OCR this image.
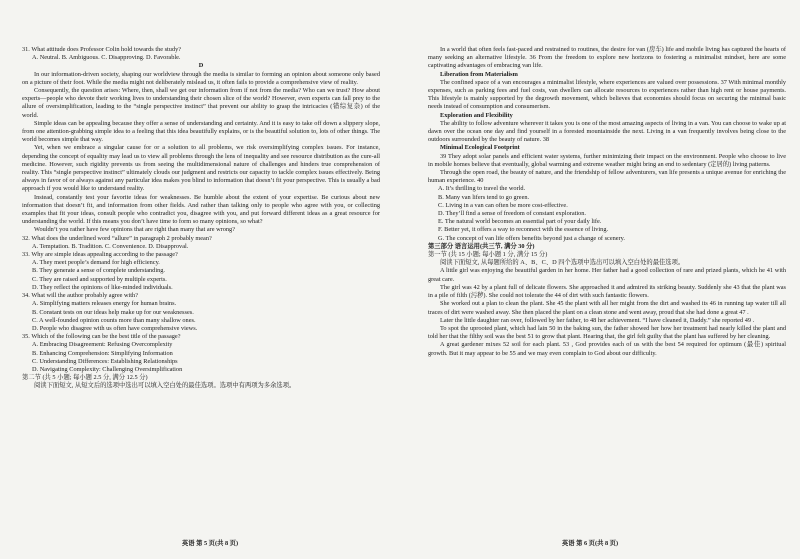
31. What attitude does Professor Colin hold towards the study?

A. Neutral. B. Ambiguous. C. Disapproving. D. Favorable.

D

In our information-driven society, shaping our worldview through the media is similar to forming an opinion about someone only based on a picture of their foot. While the media might not deliberately mislead us, it often fails to provide a comprehensive view of reality.

Consequently, the question arises: Where, then, shall we get our information from if not from the media? Who can we trust? How about experts—people who devote their working lives to understanding their chosen slice of the world? However, even experts can fall prey to the allure of oversimplification, leading to the “single perspective instinct” that prevent our ability to grasp the intricacies (错综复杂) of the world.

Simple ideas can be appealing because they offer a sense of understanding and certainty. And it is easy to take off down a slippery slope, from one attention-grabbing simple idea to a feeling that this idea beautifully explains, or is the beautiful solution to, lots of other things. The world becomes simple that way.

Yet, when we embrace a singular cause for or a solution to all problems, we risk oversimplifying complex issues. For instance, depending the concept of equality may lead us to view all problems through the lens of inequality and see resource distribution as the cure-all medicine. However, such rigidity prevents us from seeing the multidimensional nature of challenges and hinders true comprehension of reality. This “single perspective instinct” ultimately clouds our judgment and restricts our capacity to tackle complex issues effectively. Being always in favor of or always against any particular idea makes you blind to information that doesn’t fit your perspective. This is usually a bad approach if you would like to understand reality.

Instead, constantly test your favorite ideas for weaknesses. Be humble about the extent of your expertise. Be curious about new information that doesn’t fit, and information from other fields. And rather than talking only to people who agree with you, or collecting examples that fit your ideas, consult people who contradict you, disagree with you, and put forward different ideas as a great resource for understanding the world. If this means you don’t have time to form so many opinions, so what?

Wouldn’t you rather have few opinions that are right than many that are wrong?

32. What does the underlined word “allure” in paragraph 2 probably mean?

A. Temptation. B. Tradition. C. Convenience. D. Disapproval.

33. Why are simple ideas appealing according to the passage?

A. They meet people’s demand for high efficiency.

B. They generate a sense of complete understanding.

C. They are raised and supported by multiple experts.

D. They reflect the opinions of like-minded individuals.

34. What will the author probably agree with?

A. Simplifying matters releases energy for human brains.

B. Constant tests on our ideas help make up for our weaknesses.

C. A well-founded opinion counts more than many shallow ones.

D. People who disagree with us often have comprehensive views.

35. Which of the following can be the best title of the passage?

A. Embracing Disagreement: Refusing Overcomplexity

B. Enhancing Comprehension: Simplifying Information

C. Understanding Differences: Establishing Relationships

D. Navigating Complexity: Challenging Oversimplification

第二节 (共 5 小题; 每小题 2.5 分, 满分 12.5 分)

阅读下面短文, 从短文后的选项中选出可以填入空白处的最佳选项。选项中有两项为多余选项。

In a world that often feels fast-paced and restrained to routines, the desire for van (房车) life and mobile living has captured the hearts of many seeking an alternative lifestyle. 36 From the freedom to explore new horizons to fostering a minimalist mindset, here are some captivating advantages of embracing van life.

Liberation from Materialism

The confined space of a van encourages a minimalist lifestyle, where experiences are valued over possessions. 37 With minimal monthly expenses, such as parking fees and fuel costs, van dwellers can allocate resources to experiences rather than high rent or house payments. This lifestyle is mainly supported by the degrowth movement, which believes that economies should focus on securing the minimal basic needs instead of consumption and consumerism.

Exploration and Flexibility

The ability to follow adventure wherever it takes you is one of the most amazing aspects of living in a van. You can choose to wake up at dawn over the ocean one day and find yourself in a forested mountainside the next. Living in a van frequently involves being close to the outdoors surrounded by the beauty of nature. 38

Minimal Ecological Footprint

39 They adopt solar panels and efficient water systems, further minimizing their impact on the environment. People who choose to live in mobile homes believe that eventually, global warming and extreme weather might bring an end to sedentary (定居的) living patterns.

Through the open road, the beauty of nature, and the friendship of fellow adventurers, van life presents a unique avenue for enriching the human experience. 40

A. It’s thrilling to travel the world.

B. Many van lifers tend to go green.

C. Living in a van can often be more cost-effective.

D. They’ll find a sense of freedom of constant exploration.

E. The natural world becomes an essential part of your daily life.

F. Better yet, it offers a way to reconnect with the essence of living.

G. The concept of van life offers benefits beyond just a change of scenery.

第三部分 语言运用(共三节, 满分 30 分)

第一节 (共 15 小题; 每小题 1 分, 满分 15 分)

阅读下面短文, 从每题所给的 A、B、C、D 四个选项中选出可以填入空白处的最佳选项。

A little girl was enjoying the beautiful garden in her home. Her father had a good collection of rare and prized plants, which he 41 with great care.

The girl was 42 by a plant full of delicate flowers. She approached it and admired its striking beauty. Suddenly she 43 that the plant was in a pile of filth (污秽). She could not tolerate the 44 of dirt with such fantastic flowers.

She worked out a plan to clean the plant. She 45 the plant with all her might from the dirt and washed its 46 in running tap water till all traces of dirt were washed away. She then placed the plant on a clean stone and went away, proud that she had done a great 47 .

Later the little daughter ran over, followed by her father, to 48 her achievement. “I have cleaned it, Daddy.” she reported 49 .

To spot the uprooted plant, which had lain 50 in the baking sun, the father showed her how her treatment had nearly killed the plant and told her that the filthy soil was the best 51 to grow that plant. Hearing that, the girl felt guilty that the plant has suffered by her cleaning.

A great gardener mixes 52 soil for each plant. 53 , God provides each of us with the best 54 required for optimum (最佳) spiritual growth. But it may appear to be 55 and we may even complain to God about our difficulty.

英语 第 5 页(共 8 页)	英语 第 6 页(共 8 页)
